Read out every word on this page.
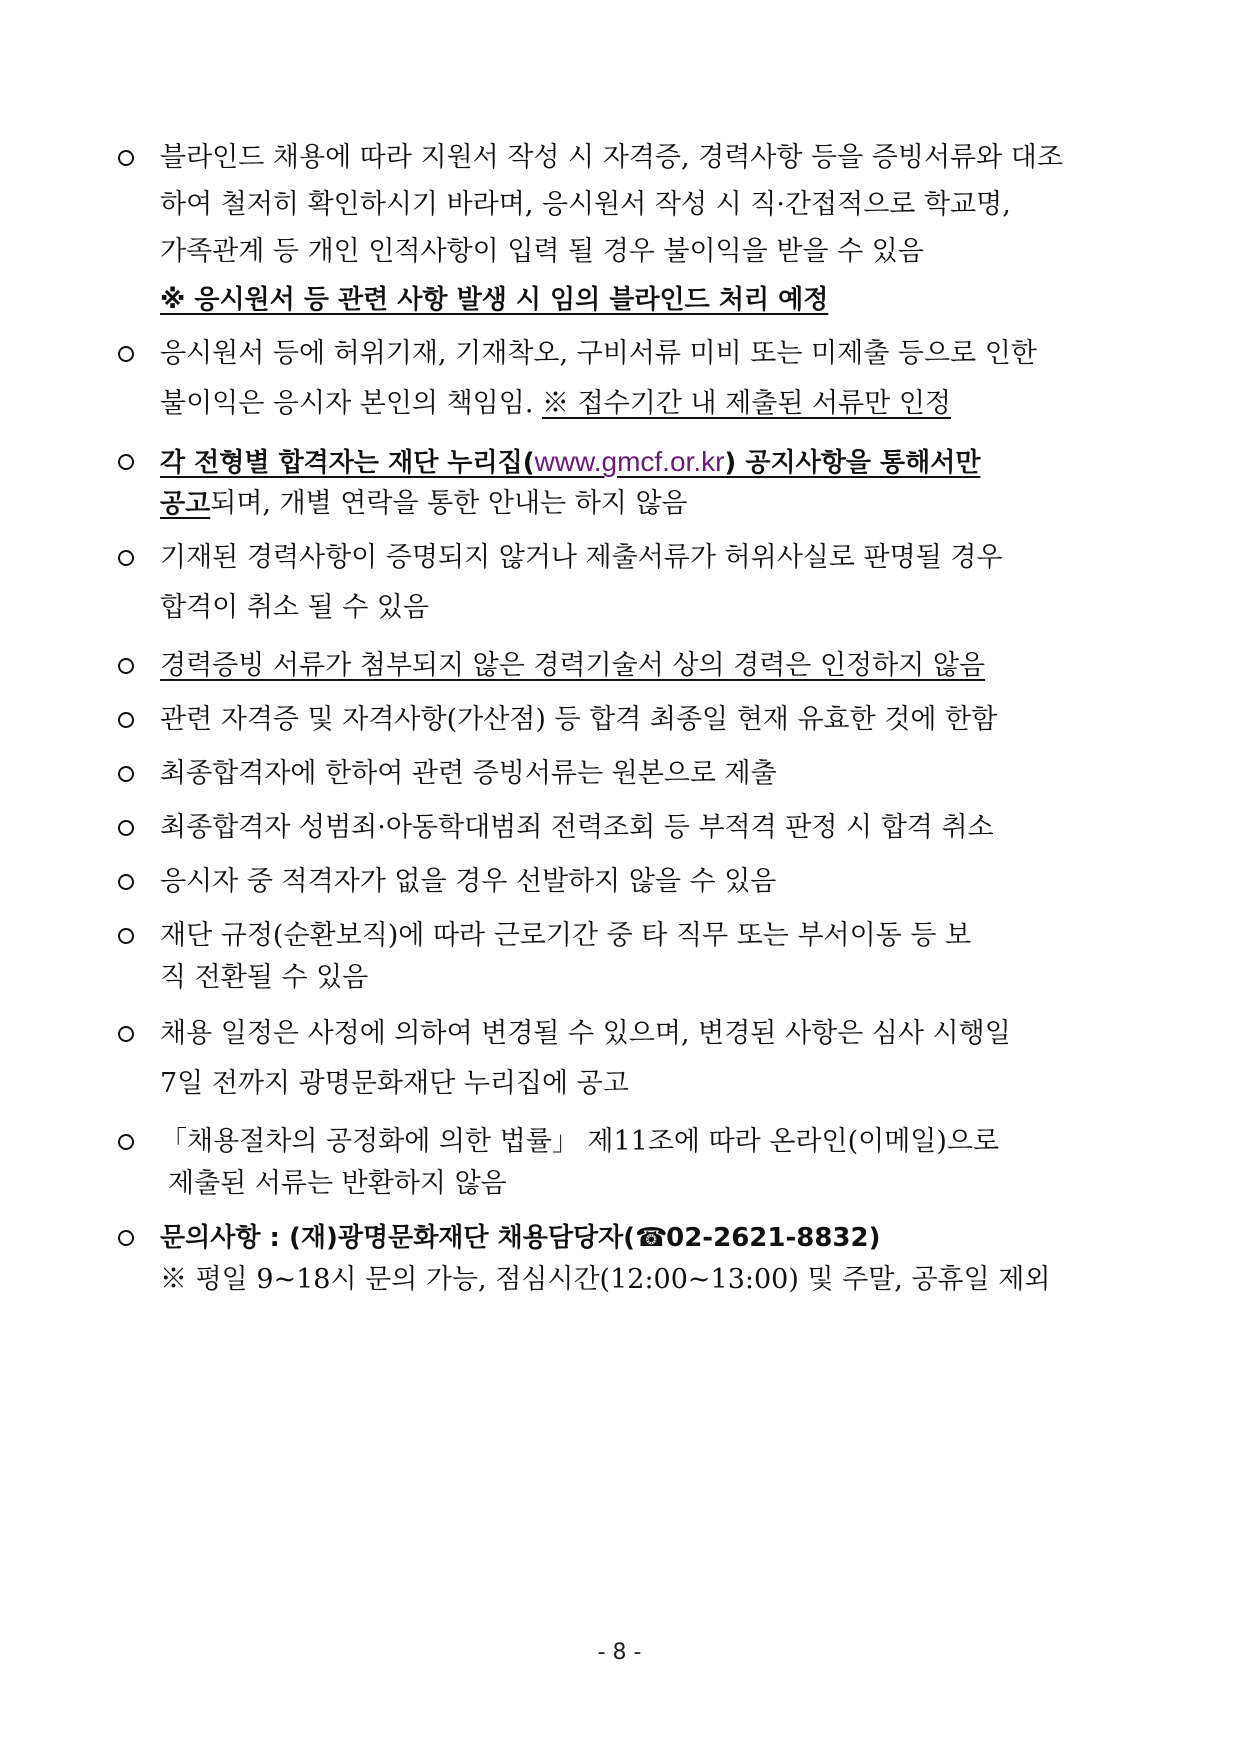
블라인드 채용에 따라 지원서 작성 시 자격증, 경력사항 등을 증빙서류와 대조
하여 철저히 확인하시기 바라며, 응시원서 작성 시 직·간접적으로 학교명,
가족관계 등 개인 인적사항이 입력 될 경우 불이익을 받을 수 있음
※ 응시원서 등 관련 사항 발생 시 임의 블라인드 처리 예정
응시원서 등에 허위기재, 기재착오, 구비서류 미비 또는 미제출 등으로 인한
불이익은 응시자 본인의 책임임. ※ 접수기간 내 제출된 서류만 인정
각 전형별 합격자는 재단 누리집(www.gmcf.or.kr) 공지사항을 통해서만
공고되며, 개별 연락을 통한 안내는 하지 않음
기재된 경력사항이 증명되지 않거나 제출서류가 허위사실로 판명될 경우
합격이 취소 될 수 있음
경력증빙 서류가 첨부되지 않은 경력기술서 상의 경력은 인정하지 않음
관련 자격증 및 자격사항(가산점) 등 합격 최종일 현재 유효한 것에 한함
최종합격자에 한하여 관련 증빙서류는 원본으로 제출
최종합격자 성범죄·아동학대범죄 전력조회 등 부적격 판정 시 합격 취소
응시자 중 적격자가 없을 경우 선발하지 않을 수 있음
재단 규정(순환보직)에 따라 근로기간 중 타 직무 또는 부서이동 등 보
직 전환될 수 있음
채용 일정은 사정에 의하여 변경될 수 있으며, 변경된 사항은 심사 시행일
7일 전까지 광명문화재단 누리집에 공고
「채용절차의 공정화에 의한 법률」 제11조에 따라 온라인(이메일)으로
제출된 서류는 반환하지 않음
문의사항 : (재)광명문화재단 채용담당자(☎ 02-2621-8832)
※ 평일 9~18시 문의 가능, 점심시간(12:00~13:00) 및 주말, 공휴일 제외
- 8 -
